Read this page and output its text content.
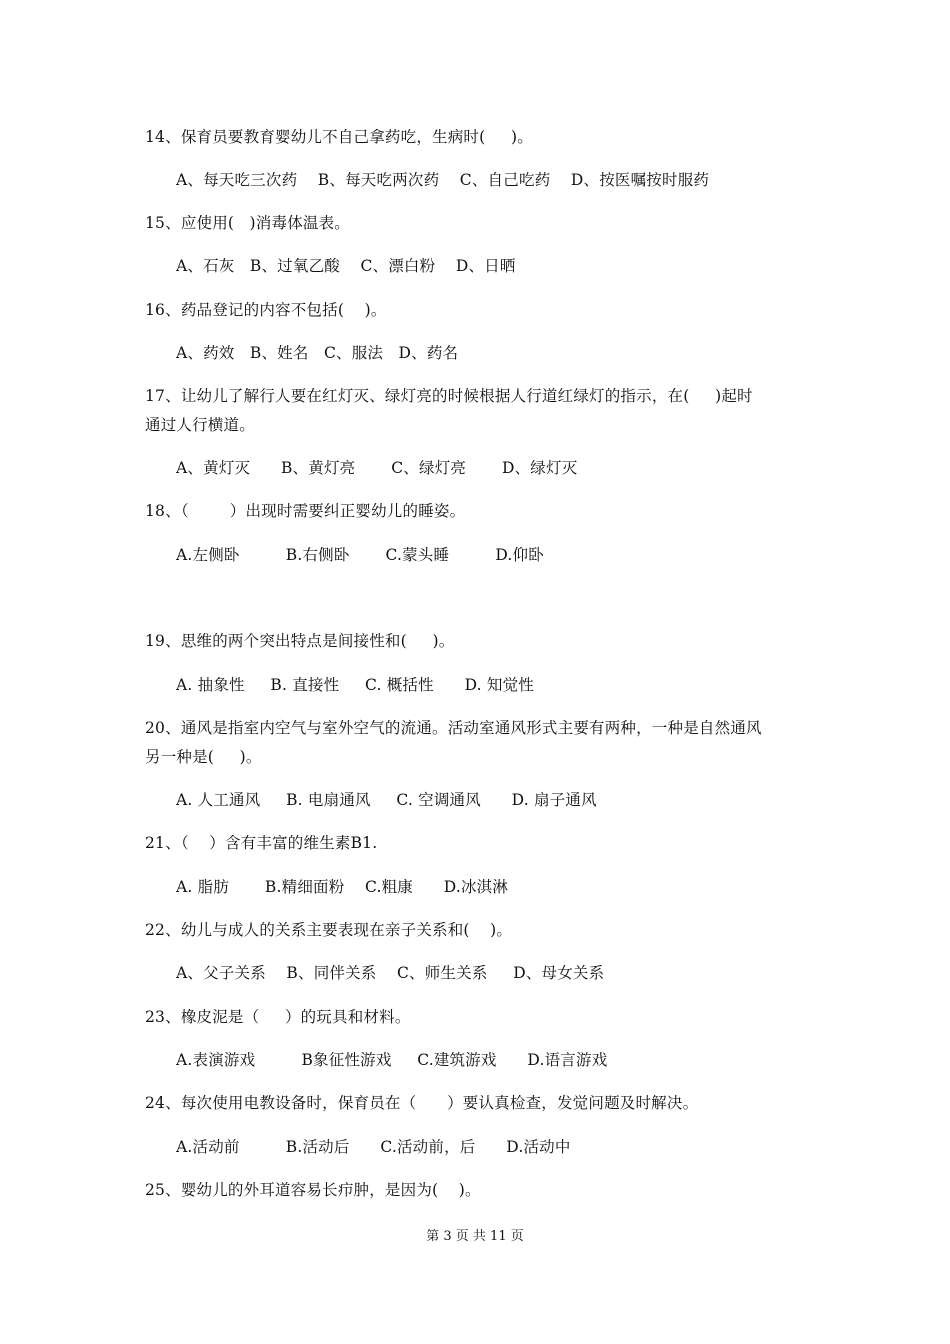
14、保育员要教育婴幼儿不自己拿药吃，生病时(     )。
A、每天吃三次药    B、每天吃两次药    C、自己吃药    D、按医嘱按时服药
15、应使用(   )消毒体温表。
A、石灰   B、过氧乙酸    C、漂白粉    D、日晒
16、药品登记的内容不包括(    )。
A、药效   B、姓名   C、服法   D、药名
17、让幼儿了解行人要在红灯灭、绿灯亮的时候根据人行道红绿灯的指示，在(     )起时
通过人行横道。
A、黄灯灭      B、黄灯亮       C、绿灯亮       D、绿灯灭
18、（        ）出现时需要纠正婴幼儿的睡姿。
A.左侧卧         B.右侧卧       C.蒙头睡         D.仰卧
19、思维的两个突出特点是间接性和(     )。
A. 抽象性     B. 直接性     C. 概括性      D. 知觉性
20、通风是指室内空气与室外空气的流通。活动室通风形式主要有两种，一种是自然通风
另一种是(     )。
A. 人工通风     B. 电扇通风     C. 空调通风      D. 扇子通风
21、（    ）含有丰富的维生素B1.
A. 脂肪       B.精细面粉    C.粗康      D.冰淇淋
22、幼儿与成人的关系主要表现在亲子关系和(    )。
A、父子关系    B、同伴关系    C、师生关系     D、母女关系
23、橡皮泥是（     ）的玩具和材料。
A.表演游戏         B象征性游戏     C.建筑游戏      D.语言游戏
24、每次使用电教设备时，保育员在（      ）要认真检查，发觉问题及时解决。
A.活动前         B.活动后      C.活动前，后      D.活动中
25、婴幼儿的外耳道容易长疖肿，是因为(    )。
第 3 页 共 11 页
